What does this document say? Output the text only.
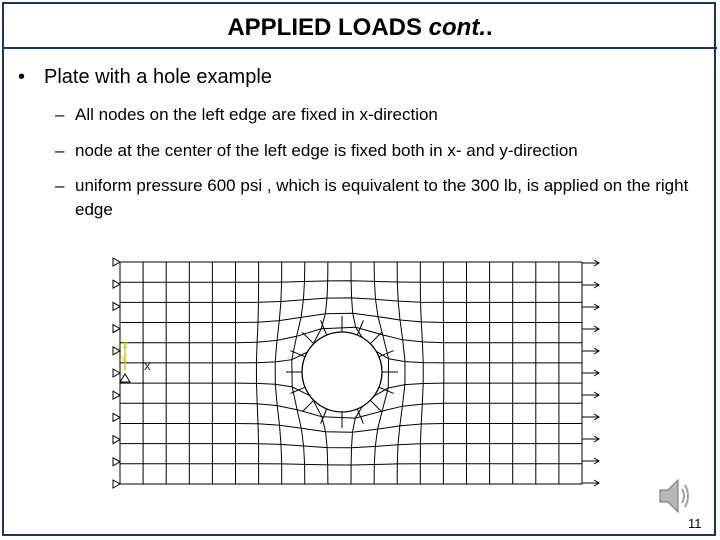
APPLIED LOADS cont..
• Plate with a hole example
– All nodes on the left edge are fixed in x-direction
– node at the center of the left edge is fixed both in x- and y-direction
– uniform pressure 600 psi , which is equivalent to the 300 lb, is applied on the right edge
Z
Y
X
11
